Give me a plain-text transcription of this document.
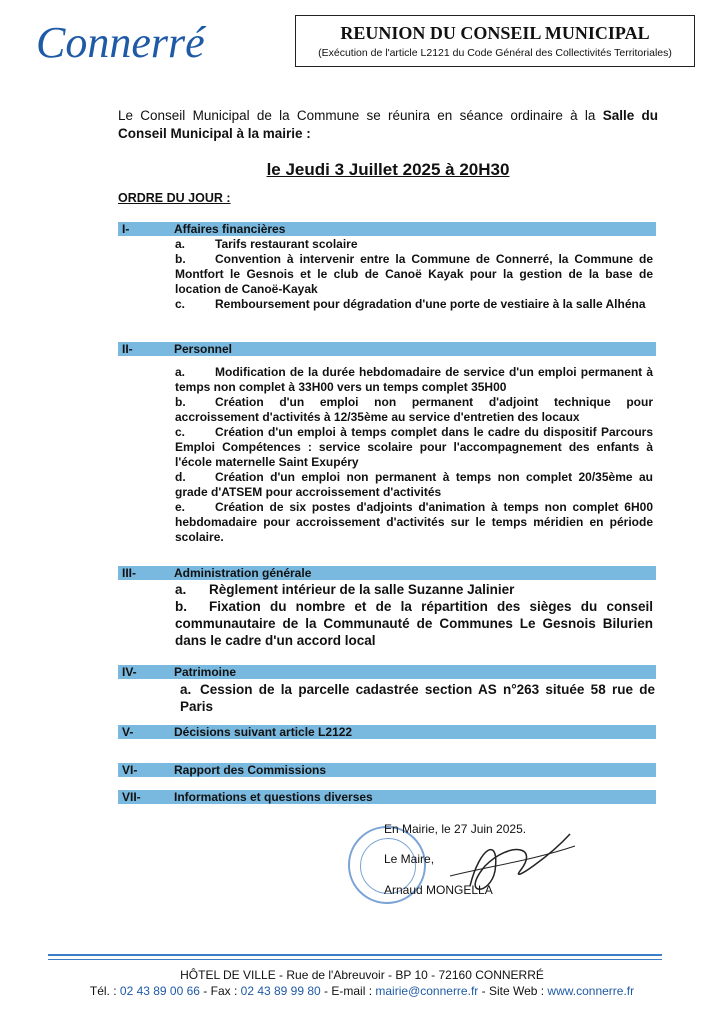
Connerré	REUNION DU CONSEIL MUNICIPAL
(Exécution de l'article L2121 du Code Général des Collectivités Territoriales)
Le Conseil Municipal de la Commune se réunira en séance ordinaire à la Salle du Conseil Municipal à la mairie :
le Jeudi 3 Juillet 2025 à 20H30
ORDRE DU JOUR :
I-	Affaires financières

a. Tarifs restaurant scolaire

b. Convention à intervenir entre la Commune de Connerré, la Commune de Montfort le Gesnois et le club de Canoë Kayak pour la gestion de la base de location de Canoë-Kayak

c. Remboursement pour dégradation d'une porte de vestiaire à la salle Alhéna

II-	Personnel

a. Modification de la durée hebdomadaire de service d'un emploi permanent à temps non complet à 33H00 vers un temps complet 35H00

b. Création d'un emploi non permanent d'adjoint technique pour accroissement d'activités à 12/35ème au service d'entretien des locaux

c. Création d'un emploi à temps complet dans le cadre du dispositif Parcours Emploi Compétences : service scolaire pour l'accompagnement des enfants à l'école maternelle Saint Exupéry

d. Création d'un emploi non permanent à temps non complet 20/35ème au grade d'ATSEM pour accroissement d'activités

e. Création de six postes d'adjoints d'animation à temps non complet 6H00 hebdomadaire pour accroissement d'activités sur le temps méridien en période scolaire.

III-	Administration générale

a. Règlement intérieur de la salle Suzanne Jalinier

b. Fixation du nombre et de la répartition des sièges du conseil communautaire de la Communauté de Communes Le Gesnois Bilurien dans le cadre d'un accord local

IV-	Patrimoine

a. Cession de la parcelle cadastrée section AS n°263 située 58 rue de Paris

V-	Décisions suivant article L2122
VI-	Rapport des Commissions
VII-	Informations et questions diverses
En Mairie, le 27 Juin 2025.
Le Maire,
Arnaud MONGELLA
HÔTEL DE VILLE - Rue de l'Abreuvoir - BP 10 - 72160 CONNERRÉ
Tél. : 02 43 89 00 66 - Fax : 02 43 89 99 80 - E-mail : mairie@connerre.fr - Site Web : www.connerre.fr
